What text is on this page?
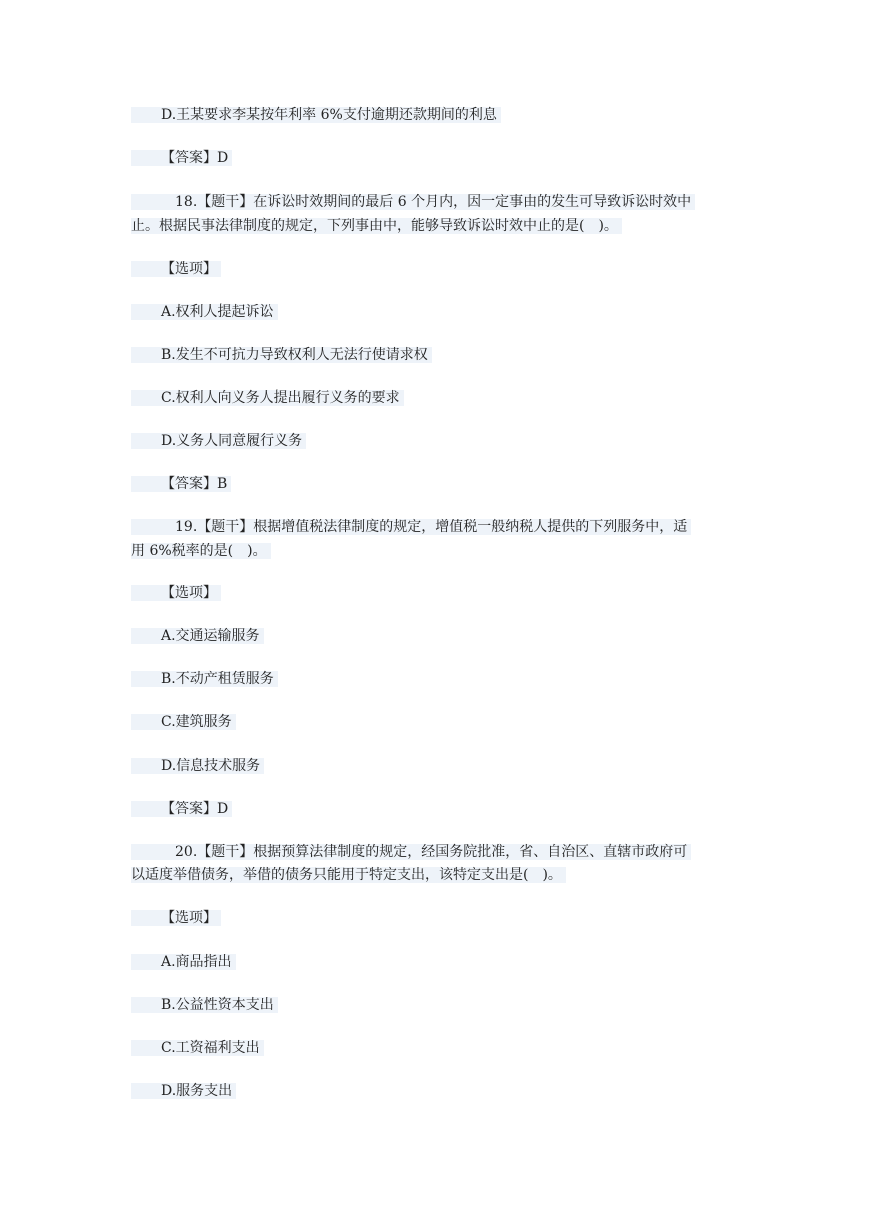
D.王某要求李某按年利率 6%支付逾期还款期间的利息
【答案】D
18.【题干】在诉讼时效期间的最后 6 个月内，因一定事由的发生可导致诉讼时效中
止。根据民事法律制度的规定，下列事由中，能够导致诉讼时效中止的是(　)。
【选项】
A.权利人提起诉讼
B.发生不可抗力导致权利人无法行使请求权
C.权利人向义务人提出履行义务的要求
D.义务人同意履行义务
【答案】B
19.【题干】根据增值税法律制度的规定，增值税一般纳税人提供的下列服务中，适
用 6%税率的是(　)。
【选项】
A.交通运输服务
B.不动产租赁服务
C.建筑服务
D.信息技术服务
【答案】D
20.【题干】根据预算法律制度的规定，经国务院批准，省、自治区、直辖市政府可
以适度举借债务，举借的债务只能用于特定支出，该特定支出是(　)。
【选项】
A.商品指出
B.公益性资本支出
C.工资福利支出
D.服务支出
